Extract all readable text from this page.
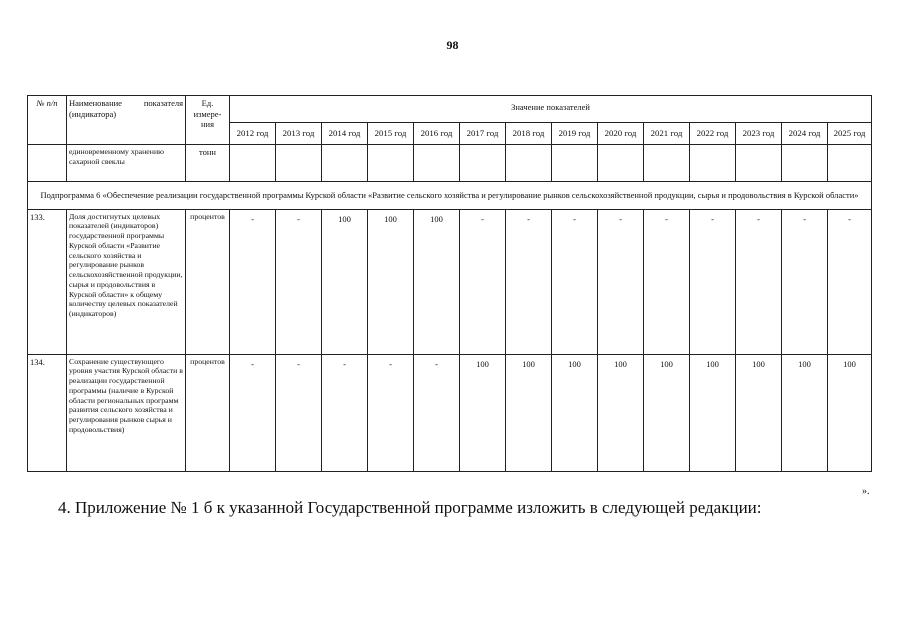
98
№ п/п	Наименование показателя
(индикатора)	Ед. измере-ния	Значение показателей													
			2012 год	2013 год	2014 год	2015 год	2016 год	2017 год	2018 год	2019 год	2020 год	2021 год	2022 год	2023 год	2024 год	2025 год
	единовременному хранению сахарной свеклы	тонн														
Подпрограмма 6 «Обеспечение реализации государственной программы Курской области «Развитие сельского хозяйства и регулирование рынков сельскохозяйственной продукции, сырья и продовольствия в Курской области»																
133.	Доля достигнутых целевых показателей (индикаторов) государственной программы Курской области «Развитие сельского хозяйства и регулирование рынков сельскохозяйственной продукции, сырья и продовольствия в Курской области» к общему количеству целевых показателей (индикаторов)	процентов	-	-	100	100	100	-	-	-	-	-	-	-	-	-
134.	Сохранение существующего уровня участия Курской области в реализации государственной программы (наличие в Курской области региональных программ развития сельского хозяйства и регулирования рынков сырья и продовольствия)	процентов	-	-	-	-	-	100	100	100	100	100	100	100	100	100
».
4. Приложение № 1 б к указанной Государственной программе изложить в следующей редакции:
